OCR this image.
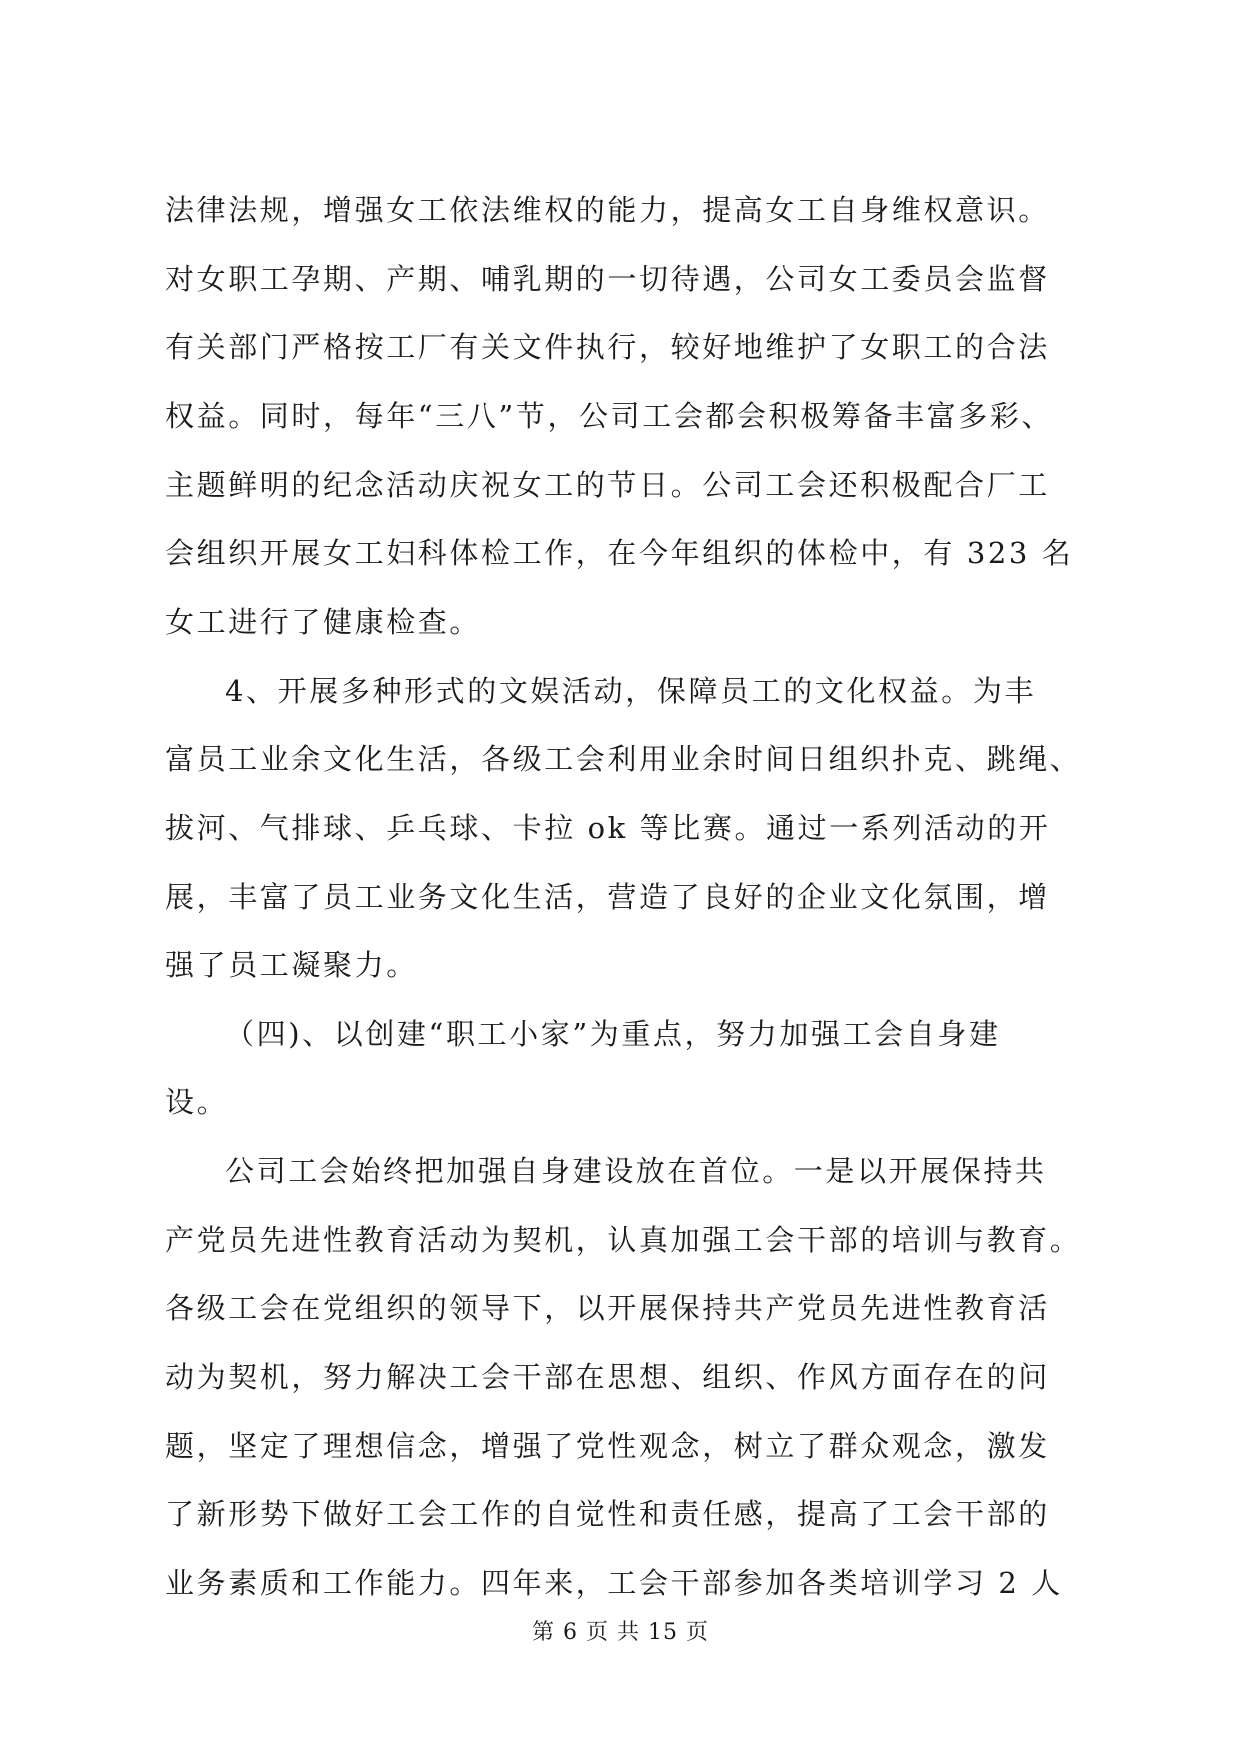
法律法规，增强女工依法维权的能力，提高女工自身维权意识。
对女职工孕期、产期、哺乳期的一切待遇，公司女工委员会监督
有关部门严格按工厂有关文件执行，较好地维护了女职工的合法
权益。同时，每年“三八”节，公司工会都会积极筹备丰富多彩、
主题鲜明的纪念活动庆祝女工的节日。公司工会还积极配合厂工
会组织开展女工妇科体检工作，在今年组织的体检中，有 323 名
女工进行了健康检查。
4、开展多种形式的文娱活动，保障员工的文化权益。为丰
富员工业余文化生活，各级工会利用业余时间日组织扑克、跳绳、
拔河、气排球、乒乓球、卡拉 ok 等比赛。通过一系列活动的开
展，丰富了员工业务文化生活，营造了良好的企业文化氛围，增
强了员工凝聚力。
（四)、以创建“职工小家”为重点，努力加强工会自身建
设。
公司工会始终把加强自身建设放在首位。一是以开展保持共
产党员先进性教育活动为契机，认真加强工会干部的培训与教育。
各级工会在党组织的领导下，以开展保持共产党员先进性教育活
动为契机，努力解决工会干部在思想、组织、作风方面存在的问
题，坚定了理想信念，增强了党性观念，树立了群众观念，激发
了新形势下做好工会工作的自觉性和责任感，提高了工会干部的
业务素质和工作能力。四年来，工会干部参加各类培训学习 2 人
第 6 页 共 15 页
